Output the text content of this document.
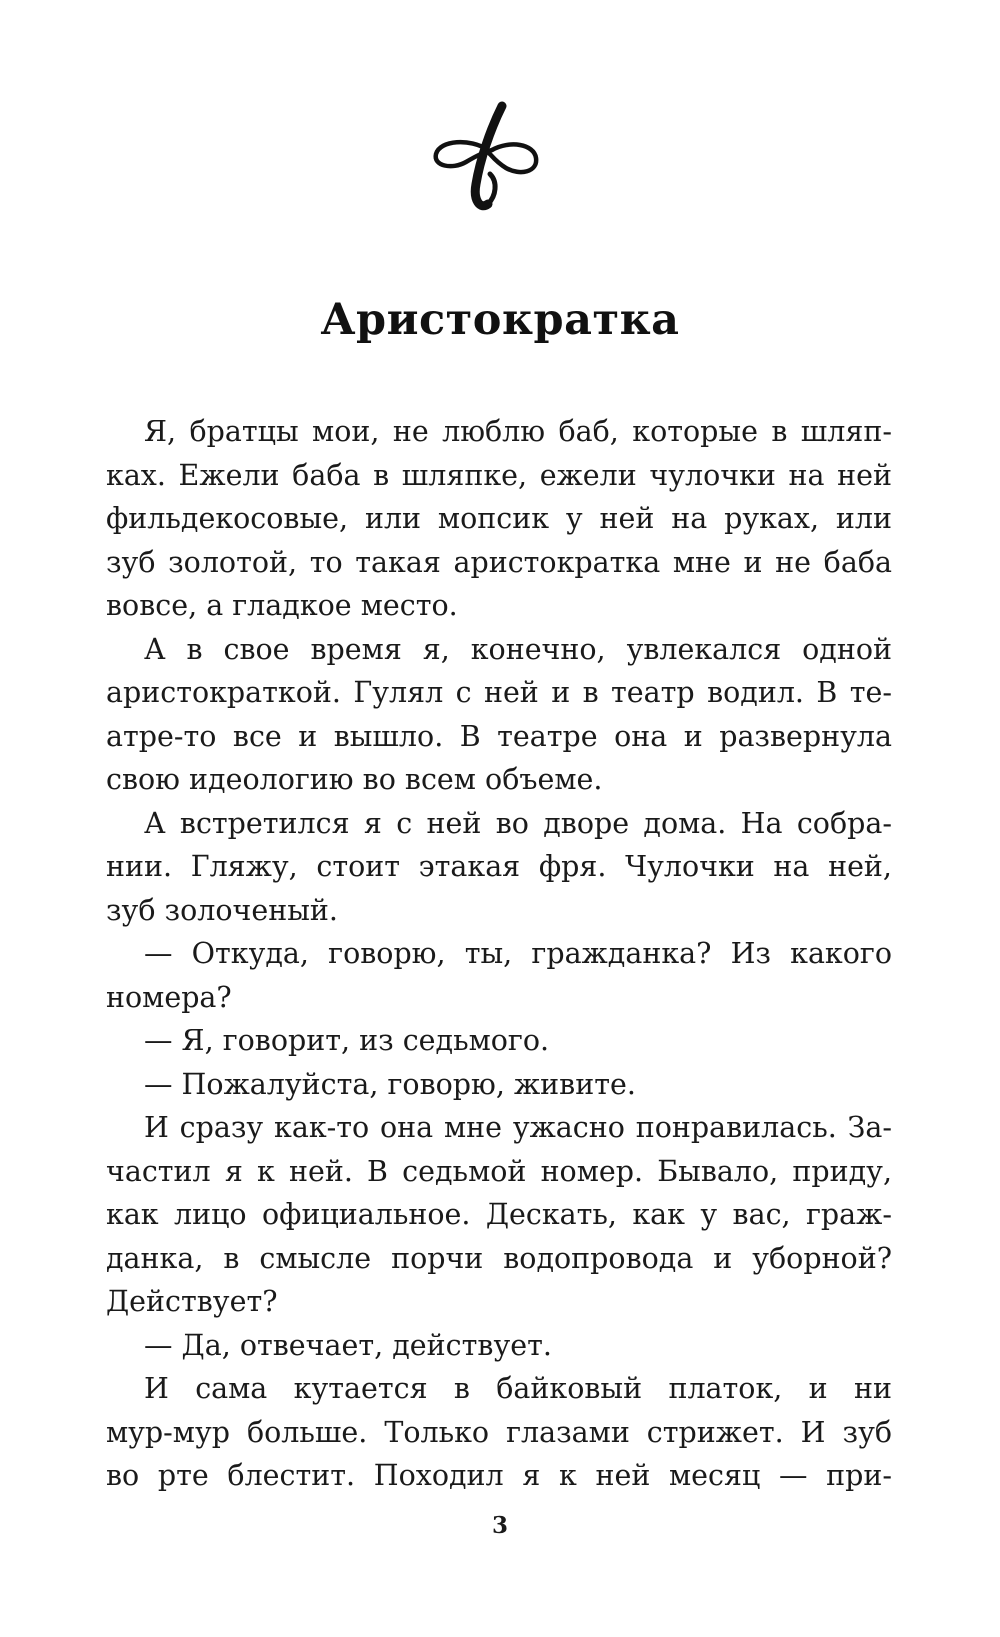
Аристократка
Я, братцы мои, не люблю баб, которые в шляп-
ках. Ежели баба в шляпке, ежели чулочки на ней
фильдекосовые, или мопсик у ней на руках, или
зуб золотой, то такая аристократка мне и не баба
вовсе, а гладкое место.
А в свое время я, конечно, увлекался одной
аристократкой. Гулял с ней и в театр водил. В те-
атре-то все и вышло. В театре она и развернула
свою идеологию во всем объеме.
А встретился я с ней во дворе дома. На собра-
нии. Гляжу, стоит этакая фря. Чулочки на ней,
зуб золоченый.
— Откуда, говорю, ты, гражданка? Из какого
номера?
— Я, говорит, из седьмого.
— Пожалуйста, говорю, живите.
И сразу как-то она мне ужасно понравилась. За-
частил я к ней. В седьмой номер. Бывало, приду,
как лицо официальное. Дескать, как у вас, граж-
данка, в смысле порчи водопровода и уборной?
Действует?
— Да, отвечает, действует.
И сама кутается в байковый платок, и ни
мур-мур больше. Только глазами стрижет. И зуб
во рте блестит. Походил я к ней месяц — при-
3
